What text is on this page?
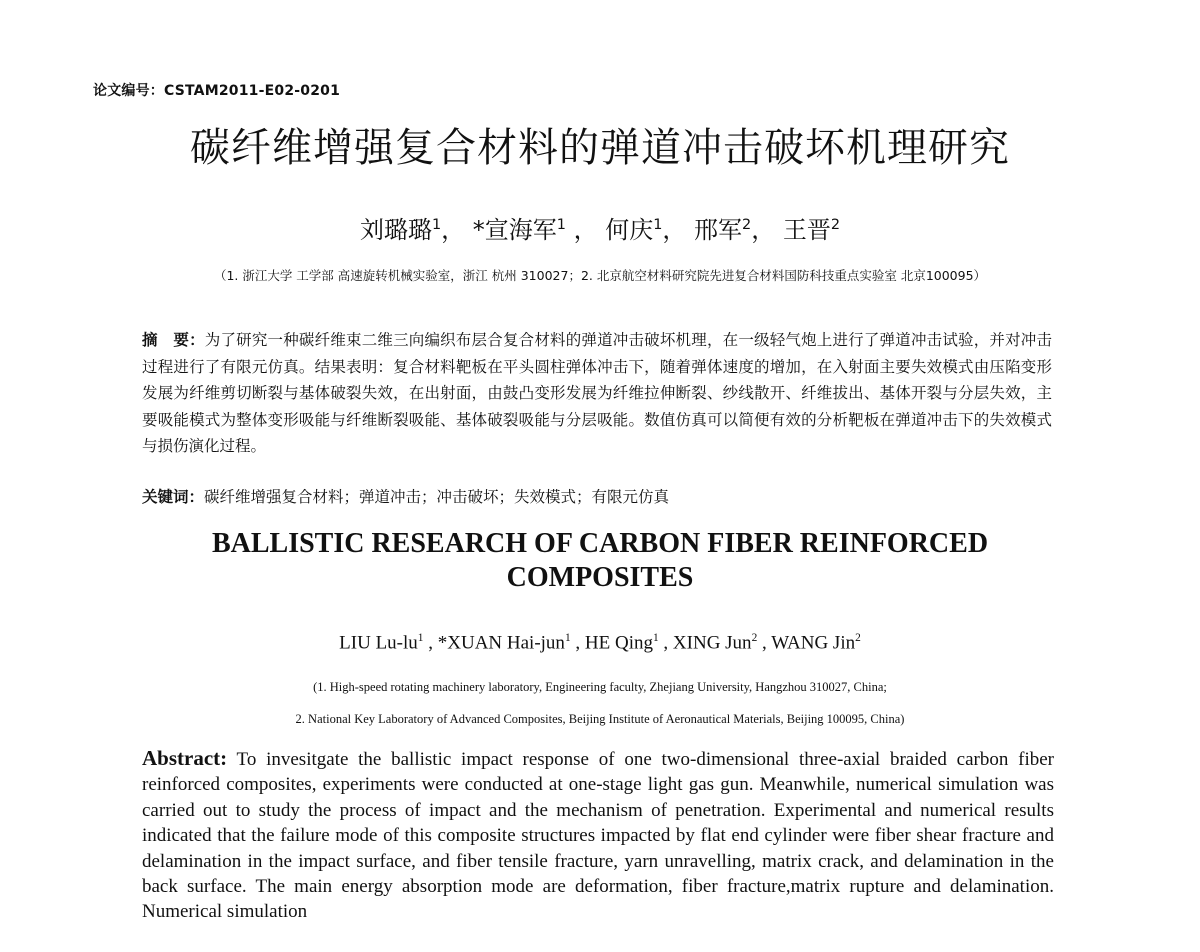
论文编号：CSTAM2011-E02-0201
碳纤维增强复合材料的弹道冲击破坏机理研究
刘璐璐$^1$， *宣海军$^1$ ， 何庆$^1$， 邢军$^2$， 王晋$^2$
（1. 浙江大学 工学部 高速旋转机械实验室，浙江 杭州 310027；2. 北京航空材料研究院先进复合材料国防科技重点实验室 北京100095）
摘　要：为了研究一种碳纤维束二维三向编织布层合复合材料的弹道冲击破坏机理，在一级轻气炮上进行了弹道冲击试验，并对冲击过程进行了有限元仿真。结果表明：复合材料靶板在平头圆柱弹体冲击下，随着弹体速度的增加，在入射面主要失效模式由压陷变形发展为纤维剪切断裂与基体破裂失效，在出射面，由鼓凸变形发展为纤维拉伸断裂、纱线散开、纤维拔出、基体开裂与分层失效，主要吸能模式为整体变形吸能与纤维断裂吸能、基体破裂吸能与分层吸能。数值仿真可以简便有效的分析靶板在弹道冲击下的失效模式与损伤演化过程。
关键词：碳纤维增强复合材料；弹道冲击；冲击破坏；失效模式；有限元仿真
BALLISTIC RESEARCH OF CARBON FIBER REINFORCED
COMPOSITES
LIU $Lu-lu^1$ , *XUAN Hai-jun$^1$ , HE Qing$^1$ , XING Jun$^2$ , WANG Jin$^2$
(1. High-speed rotating machinery laboratory, Engineering faculty, Zhejiang University, Hangzhou 310027, China;
2. National Key Laboratory of Advanced Composites, Beijing Institute of Aeronautical Materials, Beijing 100095, China)
Abstract: To invesitgate the ballistic impact response of one two-dimensional three-axial braided carbon fiber reinforced composites, experiments were conducted at one-stage light gas gun. Meanwhile, numerical simulation was carried out to study the process of impact and the mechanism of penetration. Experimental and numerical results indicated that the failure mode of this composite structures impacted by flat end cylinder were fiber shear fracture and delamination in the impact surface, and fiber tensile fracture, yarn unravelling, matrix crack, and delamination in the back surface. The main energy absorption mode are deformation, fiber fracture,matrix rupture and delamination. Numerical simulation
